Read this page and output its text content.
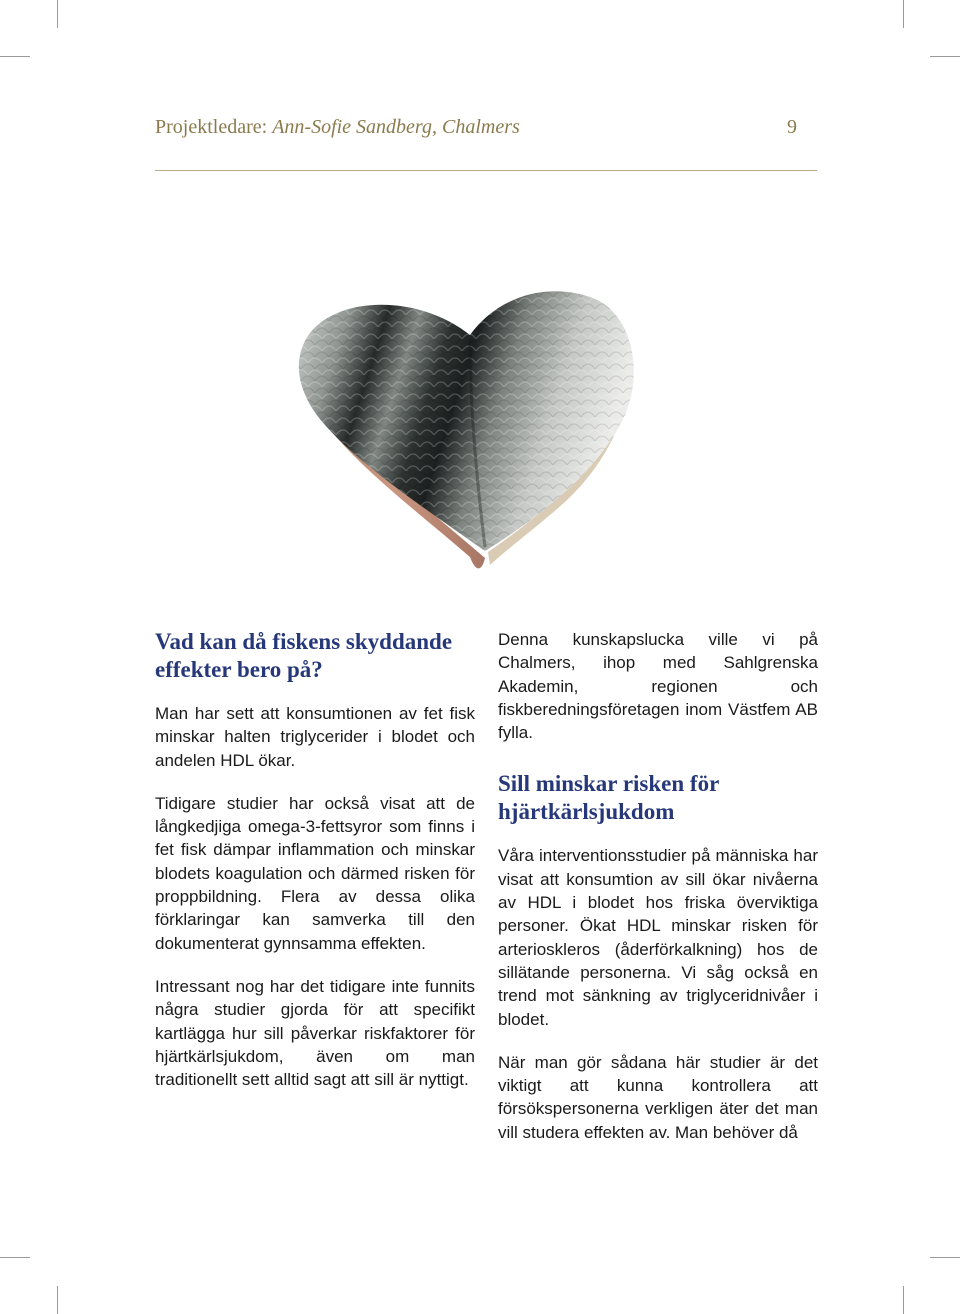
Projektledare: Ann-Sofie Sandberg, Chalmers	9
Vad kan då fiskens skyddande effekter bero på?

Man har sett att konsumtionen av fet fisk minskar halten triglycerider i blodet och andelen HDL ökar.

Tidigare studier har också visat att de långkedjiga omega-3-fettsyror som finns i fet fisk dämpar inflammation och minskar blodets koagulation och därmed risken för proppbildning. Flera av dessa olika förklaringar kan samverka till den dokumenterat gynnsamma effekten.

Intressant nog har det tidigare inte funnits några studier gjorda för att specifikt kartlägga hur sill påverkar riskfaktorer för hjärtkärlsjukdom, även om man traditionellt sett alltid sagt att sill är nyttigt.

Denna kunskapslucka ville vi på Chalmers, ihop med Sahlgrenska Akademin, regionen och fiskberedningsföretagen inom Västfem AB fylla.

Sill minskar risken för hjärtkärlsjukdom

Våra interventionsstudier på människa har visat att konsumtion av sill ökar nivåerna av HDL i blodet hos friska överviktiga personer. Ökat HDL minskar risken för arterioskleros (åderförkalkning) hos de sillätande personerna. Vi såg också en trend mot sänkning av triglyceridnivåer i blodet.

När man gör sådana här studier är det viktigt att kunna kontrollera att försökspersonerna verkligen äter det man vill studera effekten av. Man behöver då
